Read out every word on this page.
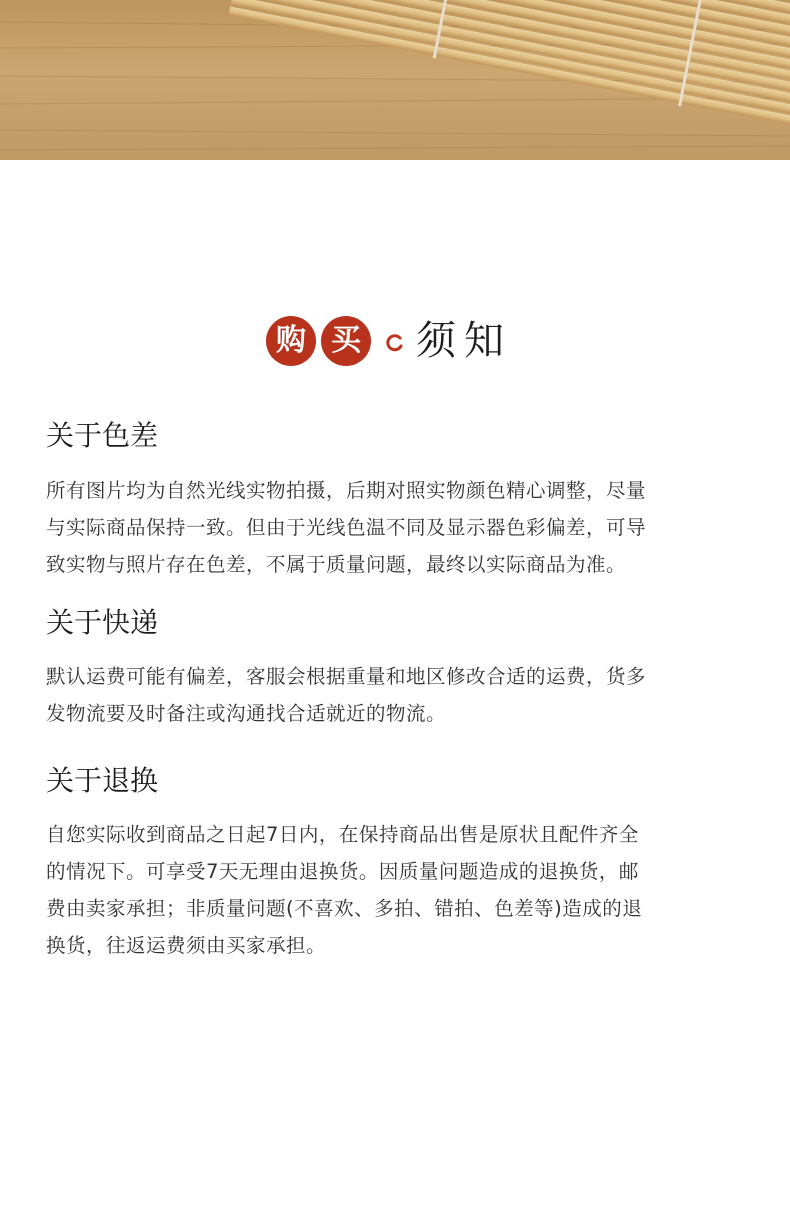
购 买 须知
关于色差
所有图片均为自然光线实物拍摄，后期对照实物颜色精心调整，尽量
与实际商品保持一致。但由于光线色温不同及显示器色彩偏差，可导
致实物与照片存在色差，不属于质量问题，最终以实际商品为准。
关于快递
默认运费可能有偏差，客服会根据重量和地区修改合适的运费，货多
发物流要及时备注或沟通找合适就近的物流。
关于退换
自您实际收到商品之日起7日内，在保持商品出售是原状且配件齐全
的情况下。可享受7天无理由退换货。因质量问题造成的退换货，邮
费由卖家承担；非质量问题(不喜欢、多拍、错拍、色差等)造成的退
换货，往返运费须由买家承担。
